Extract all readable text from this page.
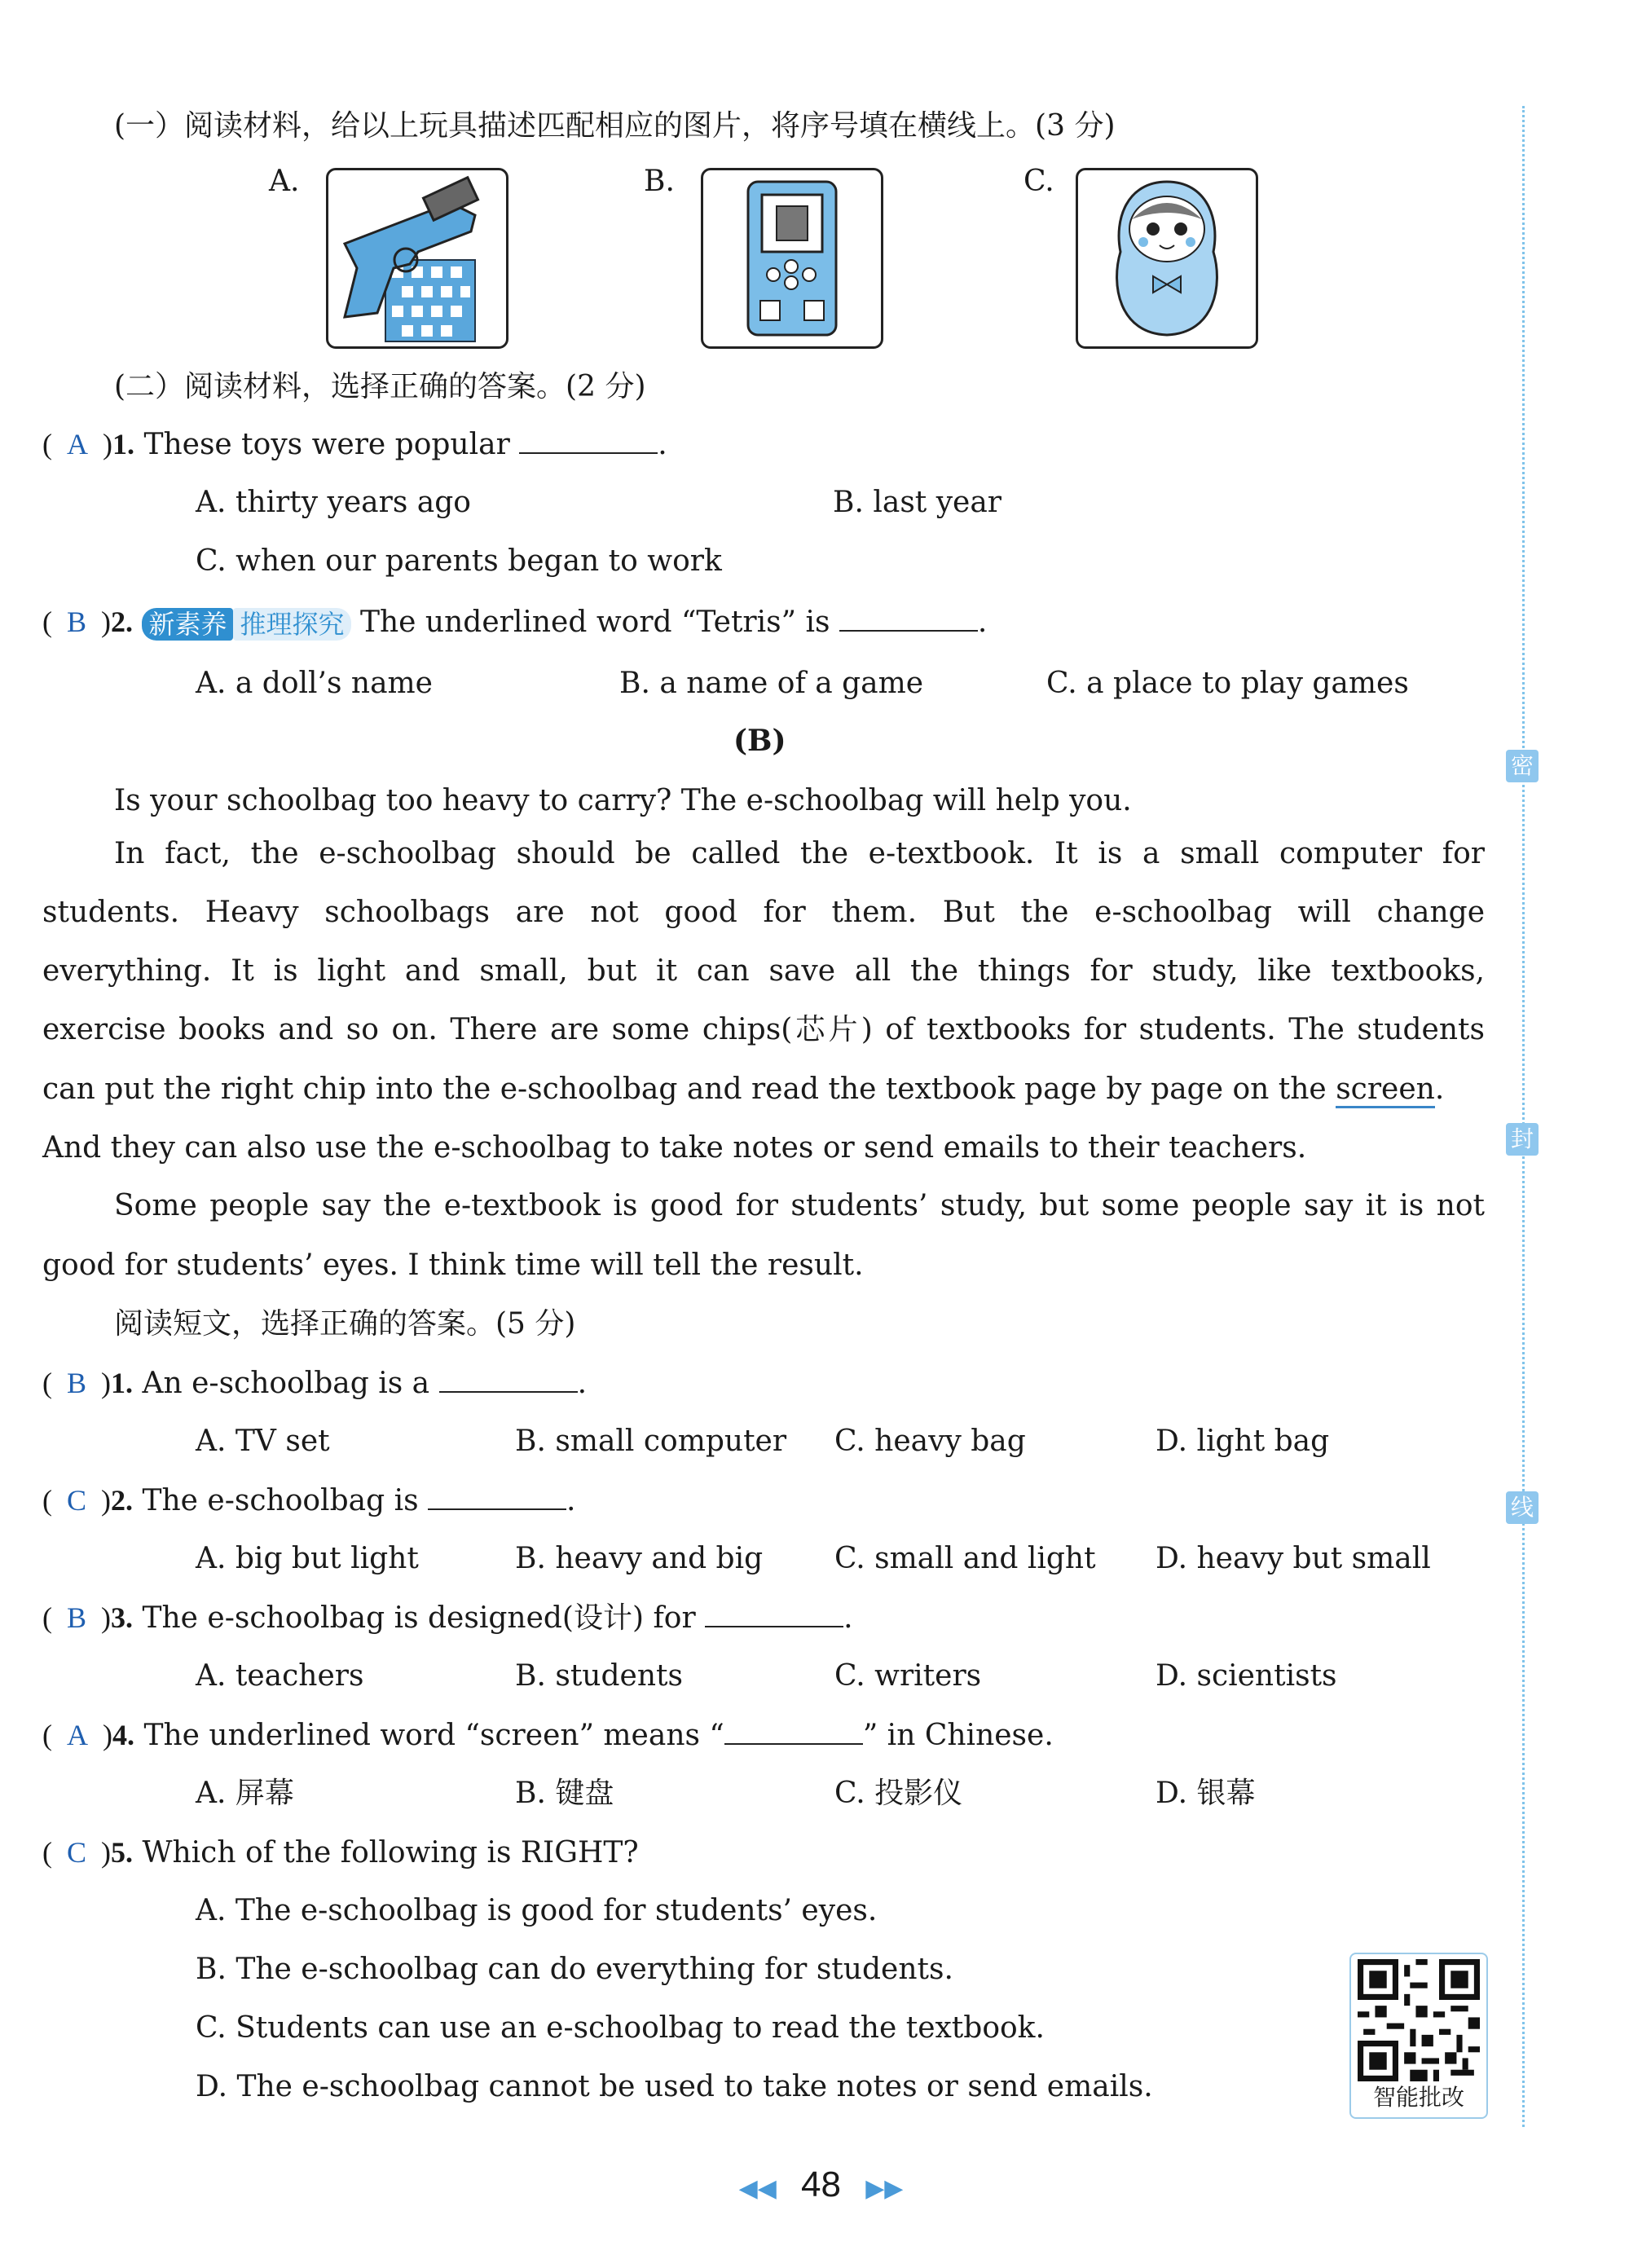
(一）阅读材料，给以上玩具描述匹配相应的图片，将序号填在横线上。(3 分)
A.	B.	C.
(二）阅读材料，选择正确的答案。(2 分)
(  A  )1. These toys were popular	.
A. thirty years ago	B. last year
C. when our parents began to work
(  B  )2. 新素养 推理探究 The underlined word “Tetris” is	.
A. a doll’s name	B. a name of a game	C. a place to play games
(B)
Is your schoolbag too heavy to carry? The e-schoolbag will help you.
In fact, the e-schoolbag should be called the e-textbook. It is a small computer for
students. Heavy schoolbags are not good for them. But the e-schoolbag will change
everything. It is light and small, but it can save all the things for study, like textbooks,
exercise books and so on. There are some chips(芯片) of textbooks for students. The students
can put the right chip into the e-schoolbag and read the textbook page by page on the screen.
And they can also use the e-schoolbag to take notes or send emails to their teachers.
Some people say the e-textbook is good for students’ study, but some people say it is not
good for students’ eyes. I think time will tell the result.
阅读短文，选择正确的答案。(5 分)
(  B  )1. An e-schoolbag is a	.
A. TV set	B. small computer C. heavy bag	D. light bag
(  C  )2. The e-schoolbag is	.
A. big but light	B. heavy and big C. small and light D. heavy but small
(  B  )3. The e-schoolbag is designed(设计) for	.
A. teachers	B. students	C. writers	D. scientists
(  A  )4. The underlined word “screen” means “	” in Chinese.
A. 屏幕	B. 键盘	C. 投影仪	D. 银幕
(  C  )5. Which of the following is RIGHT?
A. The e-schoolbag is good for students’ eyes.
B. The e-schoolbag can do everything for students.
C. Students can use an e-schoolbag to read the textbook.
D. The e-schoolbag cannot be used to take notes or send emails.	智能批改
密
封
线
◀◀ 48 ▶▶
